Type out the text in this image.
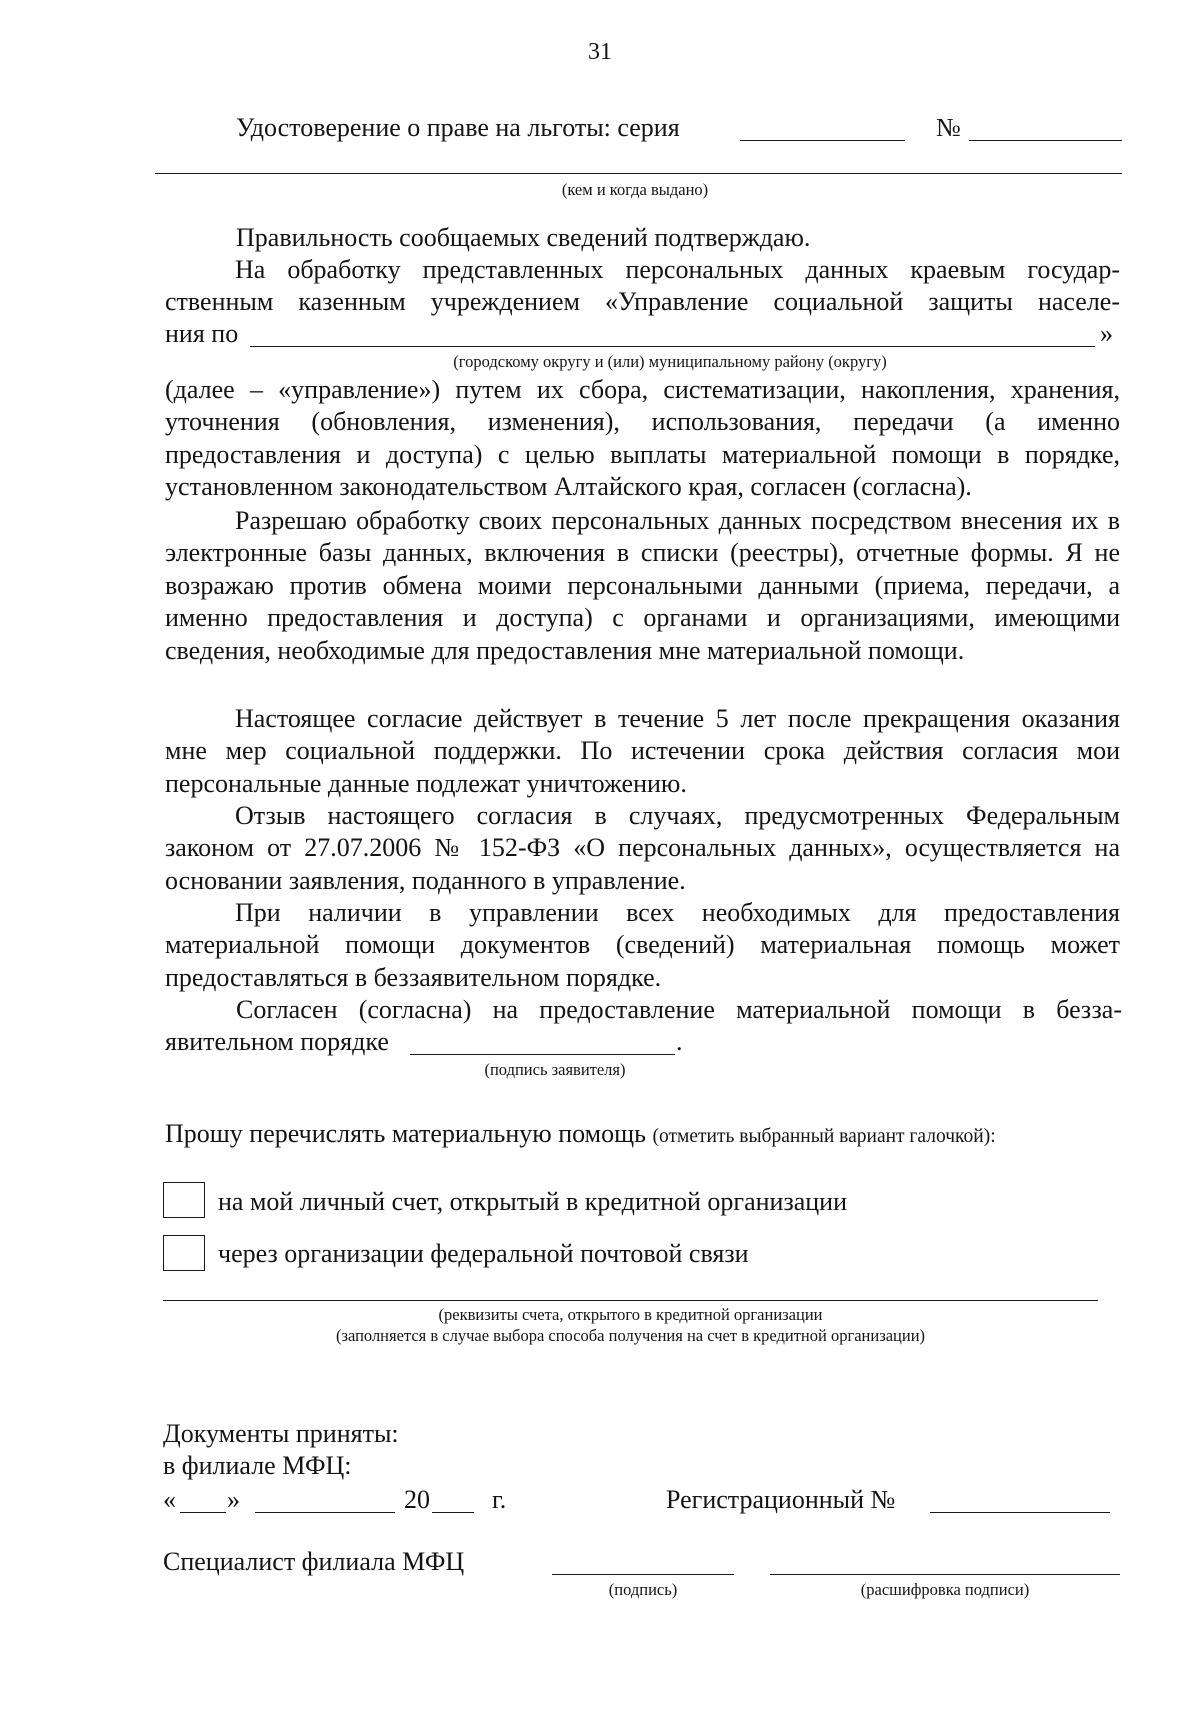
31
Удостоверение о праве на льготы: серия	№
(кем и когда выдано)
Правильность сообщаемых сведений подтверждаю.
На обработку представленных персональных данных краевым государ-
ственным казенным учреждением «Управление социальной защиты населе-
ния по	»
(городскому округу и (или) муниципальному району (округу)

(далее – «управление») путем их сбора, систематизации, накопления, хранения, уточнения (обновления, изменения), использования, передачи (а именно предоставления и доступа) с целью выплаты материальной помощи в порядке, установленном законодательством Алтайского края, согласен (согласна).

Разрешаю обработку своих персональных данных посредством внесения их в электронные базы данных, включения в списки (реестры), отчетные формы. Я не возражаю против обмена моими персональными данными (приема, передачи, а именно предоставления и доступа) с органами и организациями, имеющими сведения, необходимые для предоставления мне материальной помощи.

Настоящее согласие действует в течение 5 лет после прекращения оказания мне мер социальной поддержки. По истечении срока действия согласия мои персональные данные подлежат уничтожению.

Отзыв настоящего согласия в случаях, предусмотренных Федеральным законом от 27.07.2006 № 152-ФЗ «О персональных данных», осуществляется на основании заявления, поданного в управление.

При наличии в управлении всех необходимых для предоставления материальной помощи документов (сведений) материальная помощь может предоставляться в беззаявительном порядке.

Согласен (согласна) на предоставление материальной помощи в безза-
явительном порядке	.
(подпись заявителя)
Прошу перечислять материальную помощь (отметить выбранный вариант галочкой):
на мой личный счет, открытый в кредитной организации
через организации федеральной почтовой связи
(реквизиты счета, открытого в кредитной организации
(заполняется в случае выбора способа получения на счет в кредитной организации)
Документы приняты:
в филиале МФЦ:
« »	20 г.	Регистрационный №
Специалист филиала МФЦ
(подпись)	(расшифровка подписи)
